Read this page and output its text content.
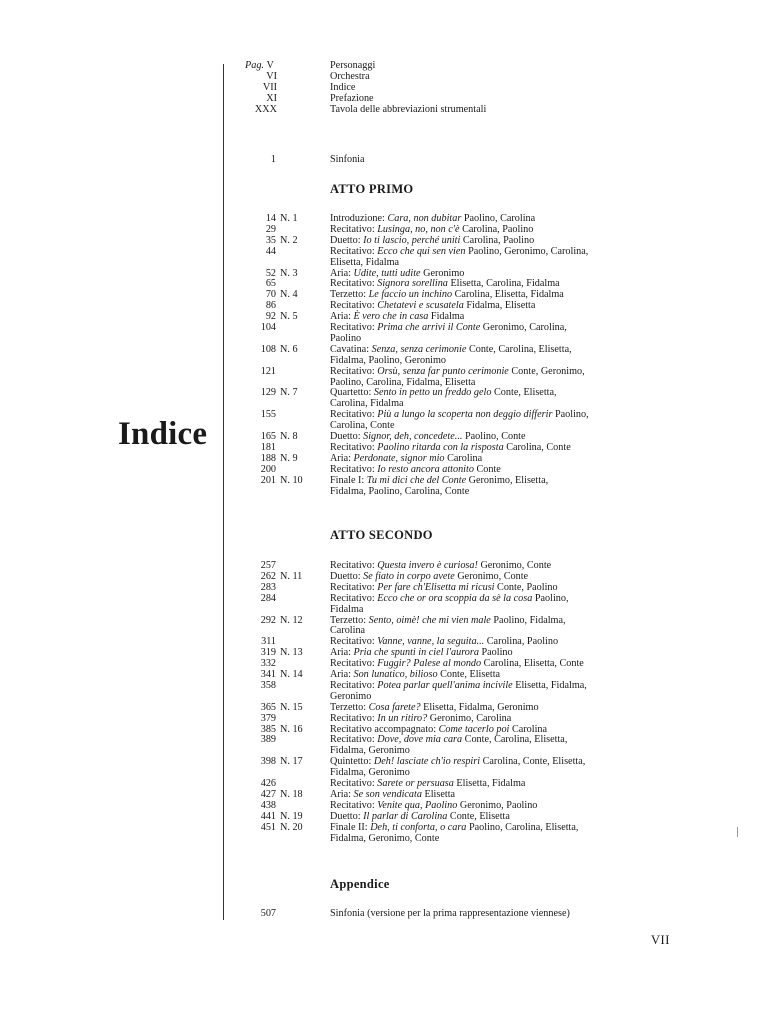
Indice
Pag. V	Personaggi
VI	Orchestra
VII	Indice
XI	Prefazione
XXX	Tavola delle abbreviazioni strumentali
1	Sinfonia
ATTO PRIMO
14 N. 1	Introduzione: Cara, non dubitar Paolino, Carolina
29	Recitativo: Lusinga, no, non c'è Carolina, Paolino
35 N. 2	Duetto: Io ti lascio, perché uniti Carolina, Paolino
44	Recitativo: Ecco che qui sen vien Paolino, Geronimo, Carolina,
Elisetta, Fidalma
52 N. 3	Aria: Udite, tutti udite Geronimo
65	Recitativo: Signora sorellina Elisetta, Carolina, Fidalma
70 N. 4	Terzetto: Le faccio un inchino Carolina, Elisetta, Fidalma
86	Recitativo: Chetatevi e scusatela Fidalma, Elisetta
92 N. 5	Aria: È vero che in casa Fidalma
104	Recitativo: Prima che arrivi il Conte Geronimo, Carolina,
Paolino
108 N. 6	Cavatina: Senza, senza cerimonie Conte, Carolina, Elisetta,
Fidalma, Paolino, Geronimo
121	Recitativo: Orsù, senza far punto cerimonie Conte, Geronimo,
Paolino, Carolina, Fidalma, Elisetta
129 N. 7	Quartetto: Sento in petto un freddo gelo Conte, Elisetta,
Carolina, Fidalma
155	Recitativo: Più a lungo la scoperta non deggio differir Paolino,
Carolina, Conte
165 N. 8	Duetto: Signor, deh, concedete... Paolino, Conte
181	Recitativo: Paolino ritarda con la risposta Carolina, Conte
188 N. 9	Aria: Perdonate, signor mio Carolina
200	Recitativo: Io resto ancora attonito Conte
201 N. 10	Finale I: Tu mi dici che del Conte Geronimo, Elisetta,
Fidalma, Paolino, Carolina, Conte
ATTO SECONDO
257	Recitativo: Questa invero è curiosa! Geronimo, Conte
262 N. 11	Duetto: Se fiato in corpo avete Geronimo, Conte
283	Recitativo: Per fare ch'Elisetta mi ricusi Conte, Paolino
284	Recitativo: Ecco che or ora scoppia da sè la cosa Paolino,
Fidalma
292 N. 12	Terzetto: Sento, oimè! che mi vien male Paolino, Fidalma,
Carolina
311	Recitativo: Vanne, vanne, la seguita... Carolina, Paolino
319 N. 13	Aria: Pria che spunti in ciel l'aurora Paolino
332	Recitativo: Fuggir? Palese al mondo Carolina, Elisetta, Conte
341 N. 14	Aria: Son lunatico, bilioso Conte, Elisetta
358	Recitativo: Potea parlar quell'anima incivile Elisetta, Fidalma,
Geronimo
365 N. 15	Terzetto: Cosa farete? Elisetta, Fidalma, Geronimo
379	Recitativo: In un ritiro? Geronimo, Carolina
385 N. 16	Recitativo accompagnato: Come tacerlo poi Carolina
389	Recitativo: Dove, dove mia cara Conte, Carolina, Elisetta,
Fidalma, Geronimo
398 N. 17	Quintetto: Deh! lasciate ch'io respiri Carolina, Conte, Elisetta,
Fidalma, Geronimo
426	Recitativo: Sarete or persuasa Elisetta, Fidalma
427 N. 18	Aria: Se son vendicata Elisetta
438	Recitativo: Venite qua, Paolino Geronimo, Paolino
441 N. 19	Duetto: Il parlar di Carolina Conte, Elisetta
451 N. 20	Finale II: Deh, ti conforta, o cara Paolino, Carolina, Elisetta,
Fidalma, Geronimo, Conte
Appendice
507	Sinfonia (versione per la prima rappresentazione viennese)
VII
